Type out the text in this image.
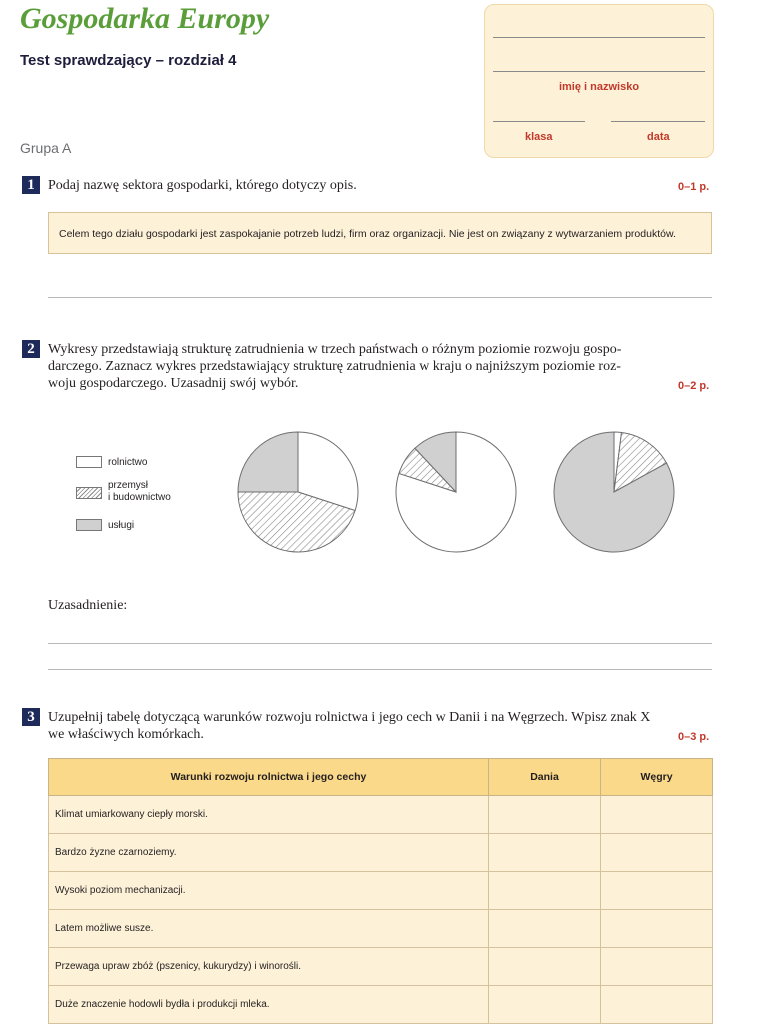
Gospodarka Europy
Test sprawdzający – rozdział 4
Grupa A
imię i nazwisko
klasa	data
1 Podaj nazwę sektora gospodarki, którego dotyczy opis.	0–1 p.
Celem tego działu gospodarki jest zaspokajanie potrzeb ludzi, firm oraz organizacji. Nie jest on związany z wytwarzaniem produktów.
2 Wykresy przedstawiają strukturę zatrudnienia w trzech państwach o różnym poziomie rozwoju gospo-
darczego. Zaznacz wykres przedstawiający strukturę zatrudnienia w kraju o najniższym poziomie roz-
woju gospodarczego. Uzasadnij swój wybór.	0–2 p.
rolnictwo
przemysł
i budownictwo
usługi
Uzasadnienie:
3 Uzupełnij tabelę dotyczącą warunków rozwoju rolnictwa i jego cech w Danii i na Węgrzech. Wpisz znak X
we właściwych komórkach.	0–3 p.
Warunki rozwoju rolnictwa i jego cechy	Dania	Węgry
Klimat umiarkowany ciepły morski.		
Bardzo żyzne czarnoziemy.		
Wysoki poziom mechanizacji.		
Latem możliwe susze.		
Przewaga upraw zbóż (pszenicy, kukurydzy) i winorośli.		
Duże znaczenie hodowli bydła i produkcji mleka.		
